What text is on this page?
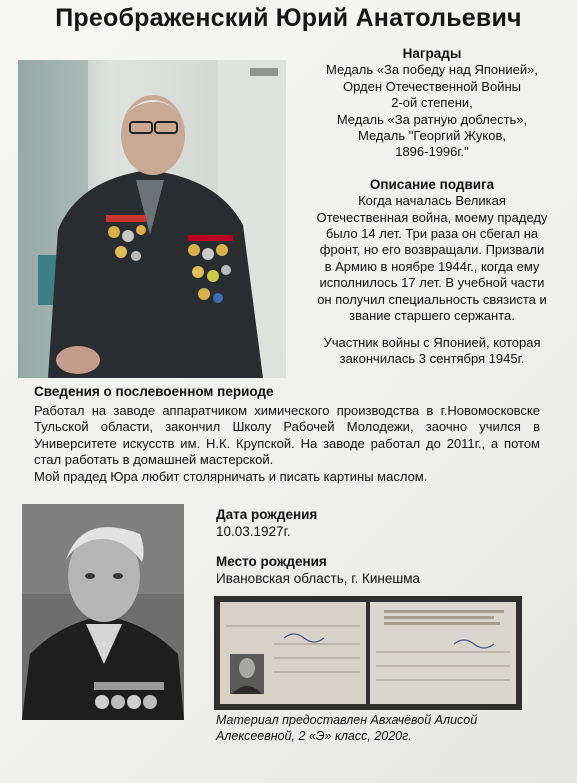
Преображенский Юрий Анатольевич
Награды
Медаль «За победу над Японией»,
Орден Отечественной Войны
2-ой степени,
Медаль «За ратную доблесть»,
Медаль "Георгий Жуков,
1896-1996г."
Описание подвига
Когда началась Великая
Отечественная война, моему прадеду
было 14 лет. Три раза он сбегал на
фронт, но его возвращали. Призвали
в Армию в ноябре 1944г., когда ему
исполнилось 17 лет. В учебной части
он получил специальность связиста и
звание старшего сержанта.
Участник войны с Японией, которая
закончилась 3 сентября 1945г.
Сведения о послевоенном периоде

Работал на заводе аппаратчиком химического производства в г.Новомосковске Тульской области, закончил Школу Рабочей Молодежи, заочно учился в Университете искусств им. Н.К. Крупской. На заводе работал до 2011г., а потом стал работать в домашней мастерской.

Мой прадед Юра любит столярничать и писать картины маслом.

Дата рождения
10.03.1927г.
Место рождения
Ивановская область, г. Кинешма
Материал предоставлен Авхачёвой Алисой
Алексеевной, 2 «Э» класс, 2020г.
